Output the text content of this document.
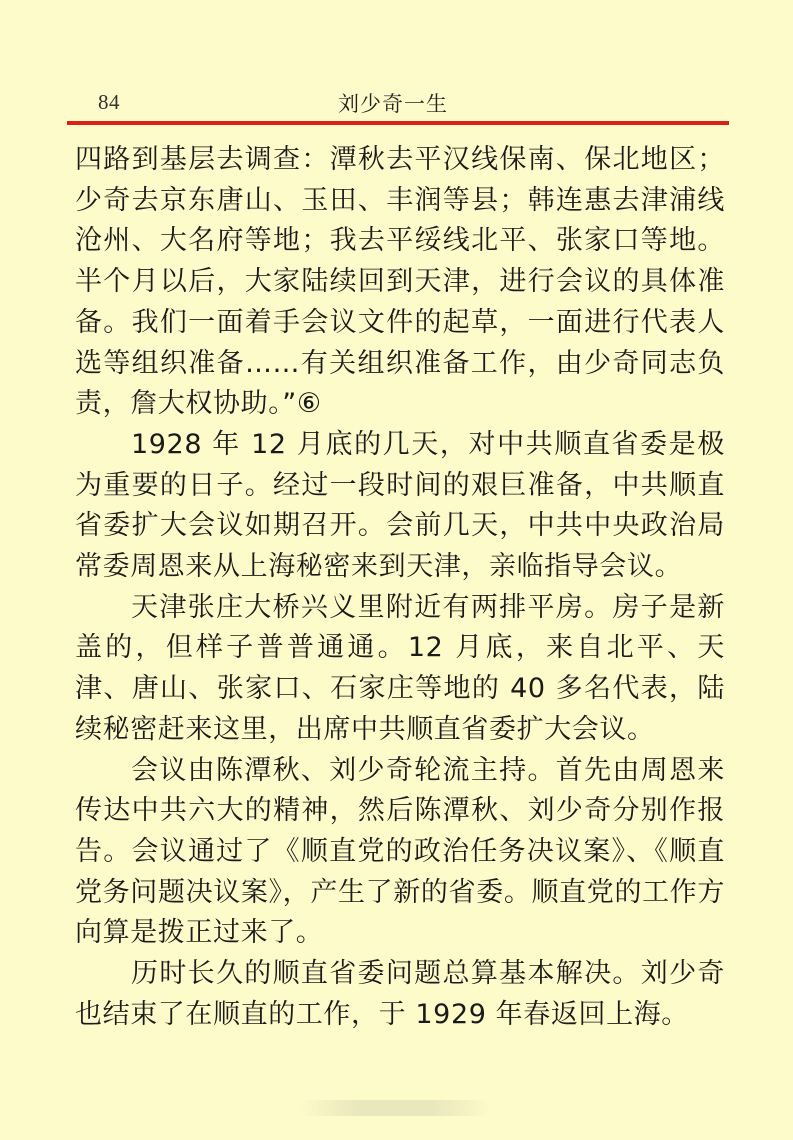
84	刘少奇一生

四路到基层去调查：潭秋去平汉线保南、保北地区；少奇去京东唐山、玉田、丰润等县；韩连惠去津浦线沧州、大名府等地；我去平绥线北平、张家口等地。半个月以后，大家陆续回到天津，进行会议的具体准备。我们一面着手会议文件的起草，一面进行代表人选等组织准备……有关组织准备工作，由少奇同志负责，詹大权协助。”⑥

1928 年 12 月底的几天，对中共顺直省委是极为重要的日子。经过一段时间的艰巨准备，中共顺直省委扩大会议如期召开。会前几天，中共中央政治局常委周恩来从上海秘密来到天津，亲临指导会议。

天津张庄大桥兴义里附近有两排平房。房子是新盖的，但样子普普通通。12 月底，来自北平、天津、唐山、张家口、石家庄等地的 40 多名代表，陆续秘密赶来这里，出席中共顺直省委扩大会议。

会议由陈潭秋、刘少奇轮流主持。首先由周恩来传达中共六大的精神，然后陈潭秋、刘少奇分别作报告。会议通过了《顺直党的政治任务决议案》、《顺直党务问题决议案》，产生了新的省委。顺直党的工作方向算是拨正过来了。

历时长久的顺直省委问题总算基本解决。刘少奇也结束了在顺直的工作，于 1929 年春返回上海。
